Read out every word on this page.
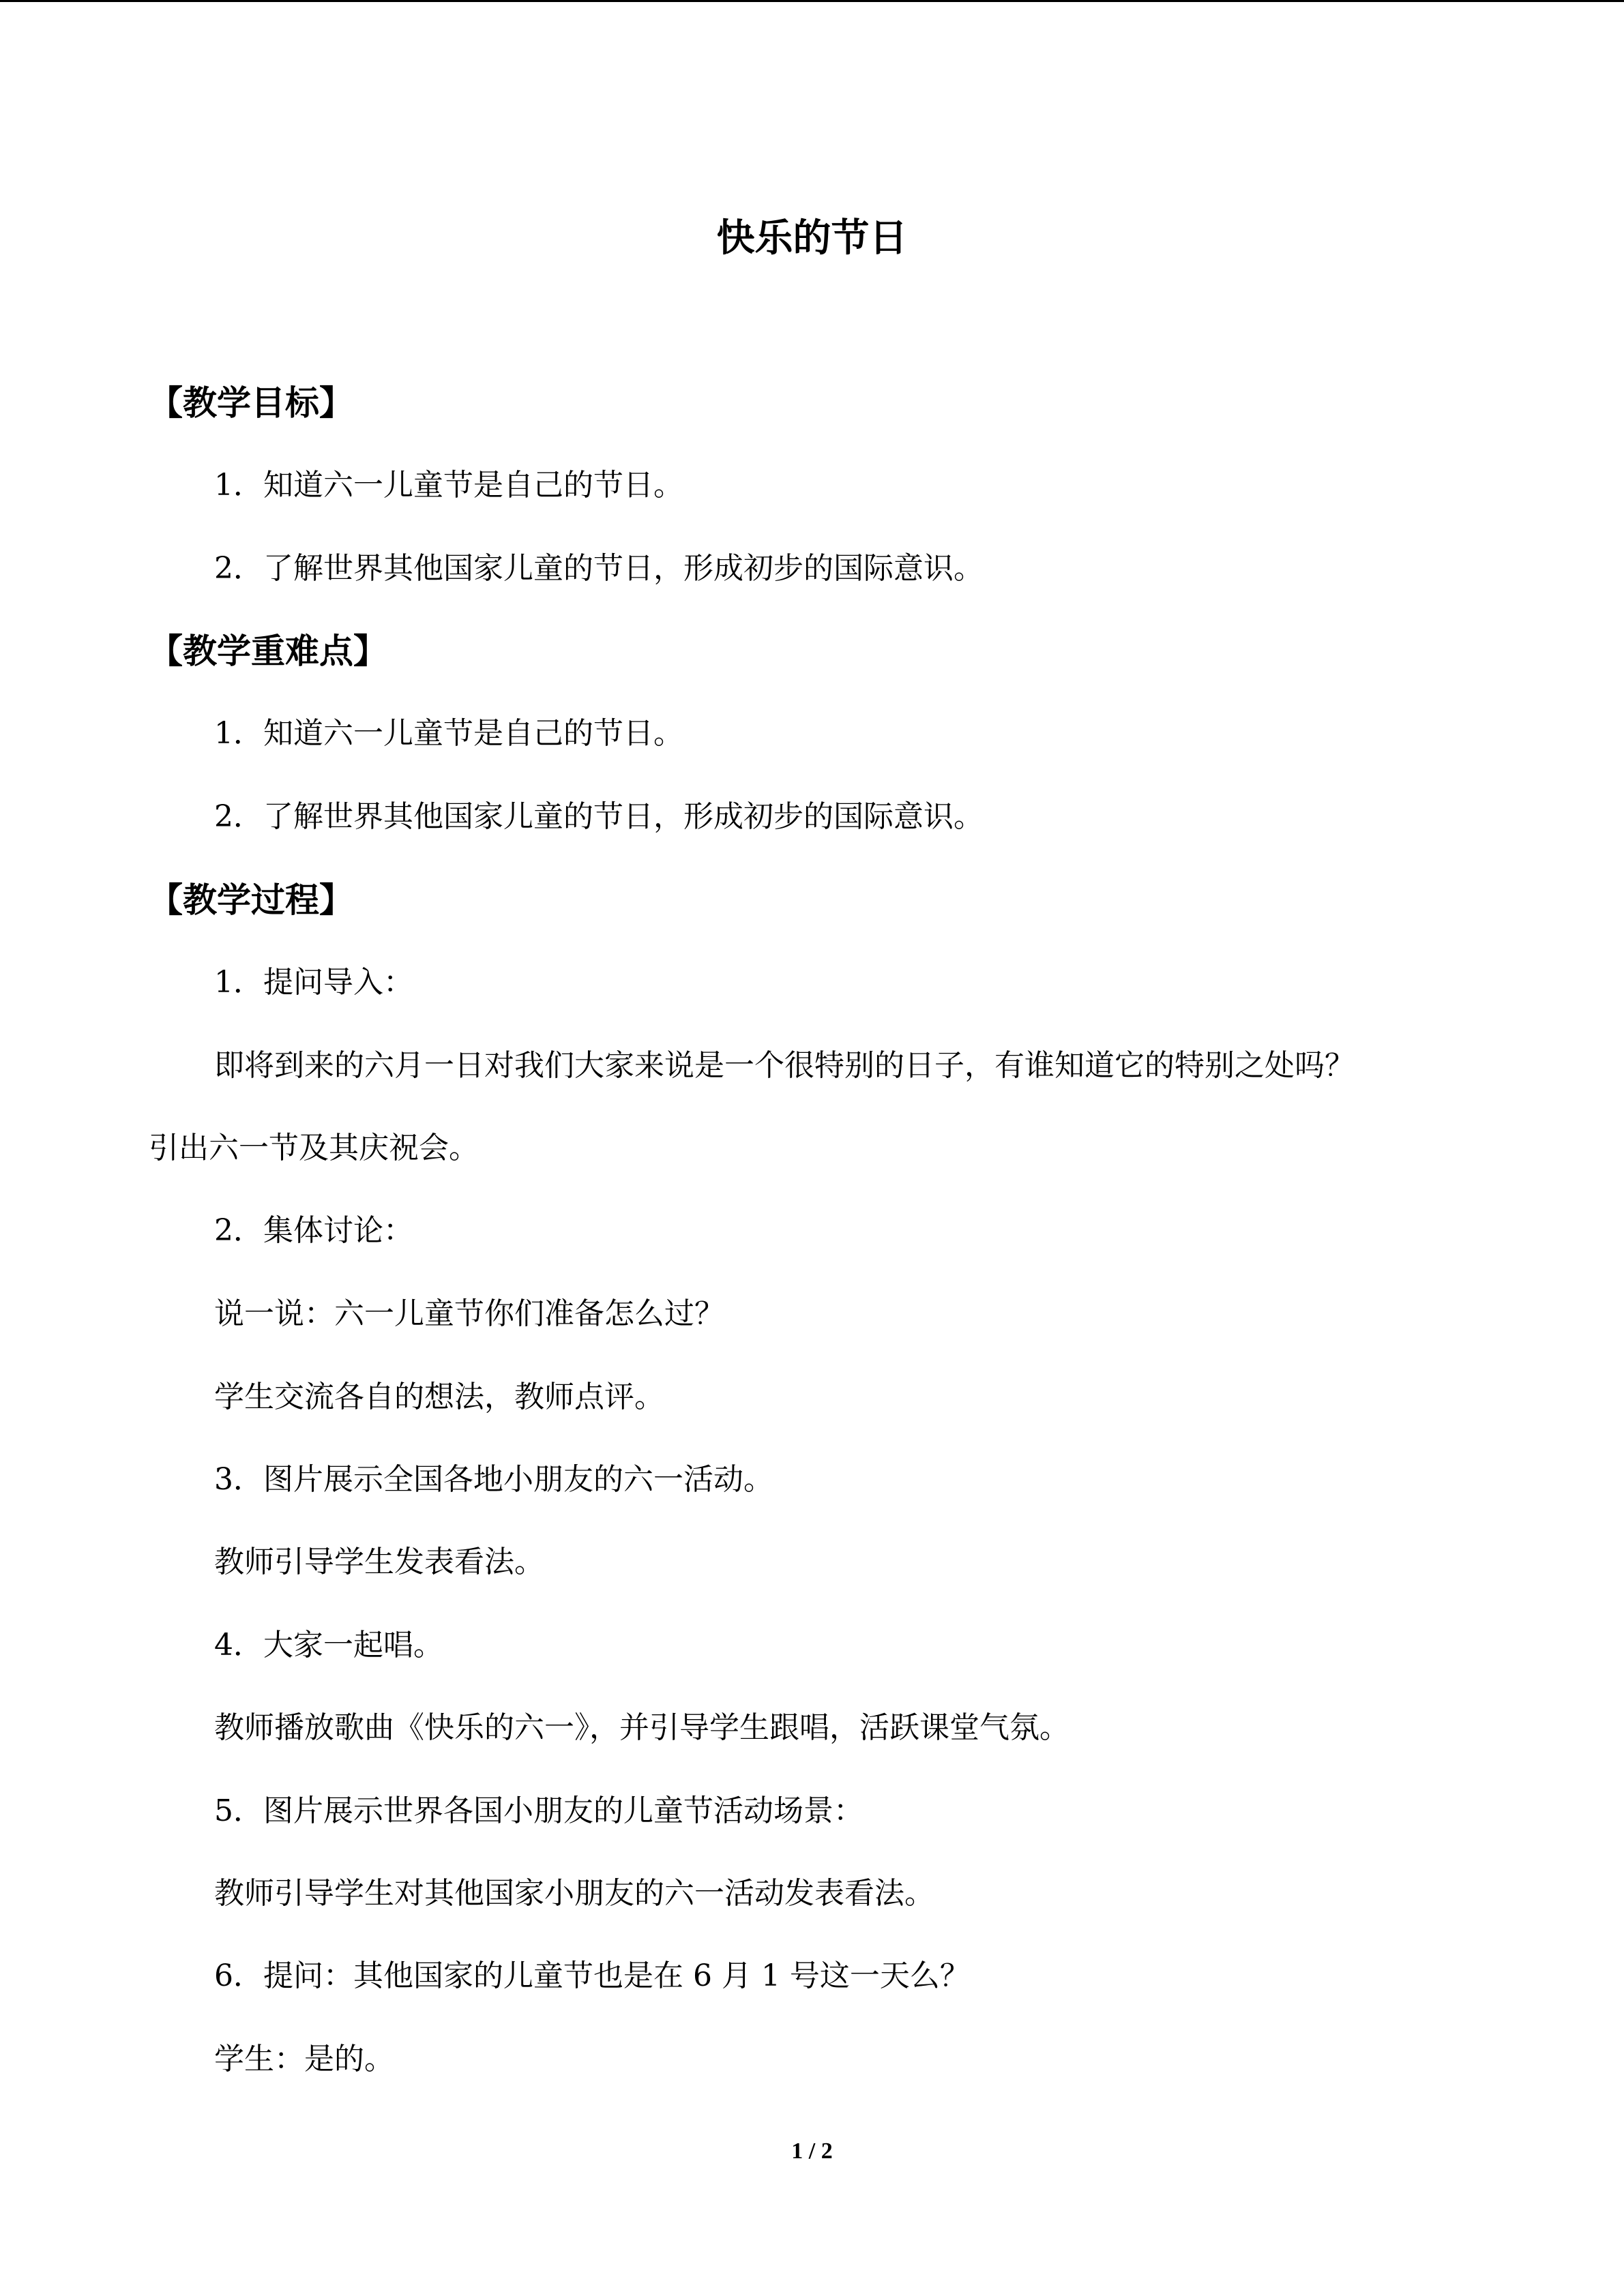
快乐的节日
【教学目标】
1．知道六一儿童节是自己的节日。
2．了解世界其他国家儿童的节日，形成初步的国际意识。
【教学重难点】
1．知道六一儿童节是自己的节日。
2．了解世界其他国家儿童的节日，形成初步的国际意识。
【教学过程】
1．提问导入：
即将到来的六月一日对我们大家来说是一个很特别的日子，有谁知道它的特别之处吗？
引出六一节及其庆祝会。
2．集体讨论：
说一说：六一儿童节你们准备怎么过？
学生交流各自的想法，教师点评。
3．图片展示全国各地小朋友的六一活动。
教师引导学生发表看法。
4．大家一起唱。
教师播放歌曲《快乐的六一》，并引导学生跟唱，活跃课堂气氛。
5．图片展示世界各国小朋友的儿童节活动场景：
教师引导学生对其他国家小朋友的六一活动发表看法。
6．提问：其他国家的儿童节也是在 6 月 1 号这一天么？
学生：是的。
1 / 2
